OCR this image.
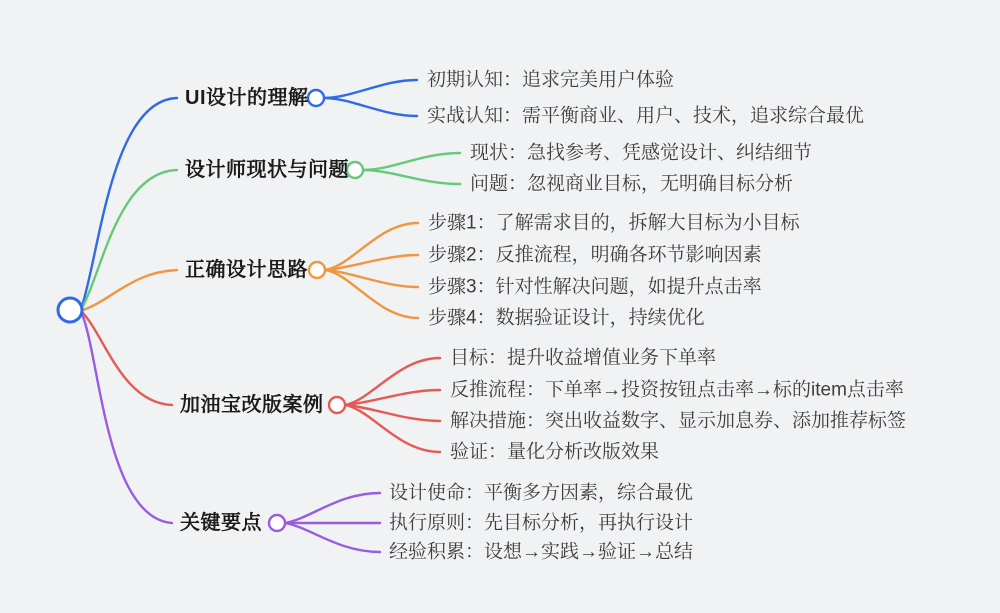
UI设计的理解
设计师现状与问题
正确设计思路
加油宝改版案例
关键要点
初期认知：追求完美用户体验
实战认知：需平衡商业、用户、技术，追求综合最优
现状：急找参考、凭感觉设计、纠结细节
问题：忽视商业目标，无明确目标分析
步骤1：了解需求目的，拆解大目标为小目标
步骤2：反推流程，明确各环节影响因素
步骤3：针对性解决问题，如提升点击率
步骤4：数据验证设计，持续优化
目标：提升收益增值业务下单率
反推流程：下单率→投资按钮点击率→标的item点击率
解决措施：突出收益数字、显示加息券、添加推荐标签
验证：量化分析改版效果
设计使命：平衡多方因素，综合最优
执行原则：先目标分析，再执行设计
经验积累：设想→实践→验证→总结
